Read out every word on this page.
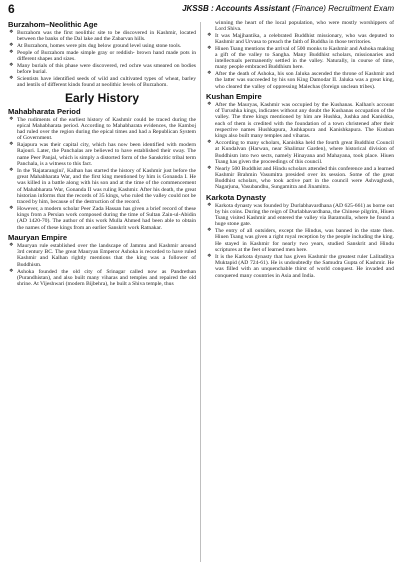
6	JKSSB : Accounts Assistant (Finance) Recruitment Exam
Burzahom–Neolithic Age
❖ Burzahom was the first neolithic site to be discovered in Kashmir, located between the banks of the Dal lake and the Zabarvan hills.
❖ At Burzahom, homes were pits dug below ground level using stone tools.
❖ People of Burzahom made simple gray or reddish- brown hand made pots in different shapes and sizes.
❖ Many burials of this phase were discovered, red ochre was smeared on bodies before burial.
❖ Scientists have identified seeds of wild and cultivated types of wheat, barley and lentils of different kinds found at neolithic levels of Burzahom.
Early History
Mahabharata Period
❖ The rudiments of the earliest history of Kashmir could be traced during the epical Mahabharata period. According to Mahabharata evidences, the Kamboj had ruled over the region during the epical times and had a Republican System of Government.
❖ Rajapura was their capital city, which has now been identified with modern Rajouri. Later, the Panchalas are believed to have established their sway. The name Peer Panjal, which is simply a distorted form of the Sanskritic tribal term Panchala, is a witness to this fact.
❖ In the 'Rajatarangini', Kalhan has started the history of Kashmir just before the great Mahabharata War, and the first king mentioned by him is Gonanda I. He was killed in a battle along with his son and at the time of the commencement of Mahabharata War, Gonanda II was ruling Kashmir. After his death, the great historian informs that the records of 35 kings, who ruled the valley could not be traced by him, because of the destruction of the record.
❖ However, a modern scholar Peer Zada Hassan has given a brief record of these kings from a Persian work composed during the time of Sultan Zain-ul-Abidin (AD 1420-70). The author of this work Mulla Ahmed had been able to obtain the names of these kings from an earlier Sanskrit work Ratnakar.
Mauryan Empire
❖ Mauryan rule established over the landscape of Jammu and Kashmir around 3rd century BC. The great Mauryan Emperor Ashoka is recorded to have ruled Kashmir and Kalhan rightly mentions that the king was a follower of Buddhism.
❖ Ashoka founded the old city of Srinagar called now as Pandrethan (Purandhistan), and also built many viharas and temples and repaired the old shrine. At Vijeshwari (modern Bijbehra), he built a Shiva temple, thus

winning the heart of the local population, who were mostly worshippers of Lord Shiva.

❖ It was Majjhantika, a celebrated Buddhist missionary, who was deputed to Kashmir and Urvasa to preach the faith of Buddha in those territories.
❖ Hiuen Tsang mentions the arrival of 500 monks to Kashmir and Ashoka making a gift of the valley to Sangha. Many Buddhist scholars, missionaries and intellectuals permanently settled in the valley. Naturally, in course of time, many people embraced Buddhism here.
❖ After the death of Ashoka, his son Jaluka ascended the throne of Kashmir and the latter was succeeded by his son King Damodar II. Jaluka was a great king, who cleared the valley of oppressing Malechas (foreign unclean tribes).
Kushan Empire
❖ After the Mauryas, Kashmir was occupied by the Kushanas. Kalhan's account of Turushka kings, indicates without any doubt the Kushanas occupation of the valley. The three kings mentioned by him are Hushka, Jushka and Kanishka, each of them is credited with the foundation of a town christened after their respective names Hushkapura, Jushkapura and Kanishkapura. The Kushan kings also built many temples and viharas.
❖ According to many scholars, Kanishka held the fourth great Buddhist Council at Kundalvan (Harwan, near Shalimar Garden), where historical division of Buddhism into two sects, namely Hinayana and Mahayana, took place. Hiuen Tsang has given the proceedings of this council.
❖ Nearly 500 Buddhist and Hindu scholars attended this conference and a learned Kashmir Brahmin Vasumitra presided over its session. Some of the great Buddhist scholars, who took active part in the council were Ashvaghosh, Nagarjuna, Vasubandhu, Sungamitra and Jinamitra.
Karkota Dynasty
❖ Karkota dynasty was founded by Durlabhavardhana (AD 625-661) as borne out by his coins. During the reign of Durlabhavardhana, the Chinese pilgrim, Hiuen Tsang visited Kashmir and entered the valley via Baramulla, where he found a huge stone gate.
❖ The entry of all outsiders, except the Hindus, was banned in the state then. Hiuen Tsang was given a right royal reception by the people including the king. He stayed in Kashmir for nearly two years, studied Sanskrit and Hindu scriptures at the feet of learned men here.
❖ It is the Karkota dynasty that has given Kashmir the greatest ruler Lalitaditya Muktapid (AD 724-61). He is undoubtedly the Samudra Gupta of Kashmir. He was filled with an unquenchable thirst of world conquest. He invaded and conquered many countries in Asia and India.
